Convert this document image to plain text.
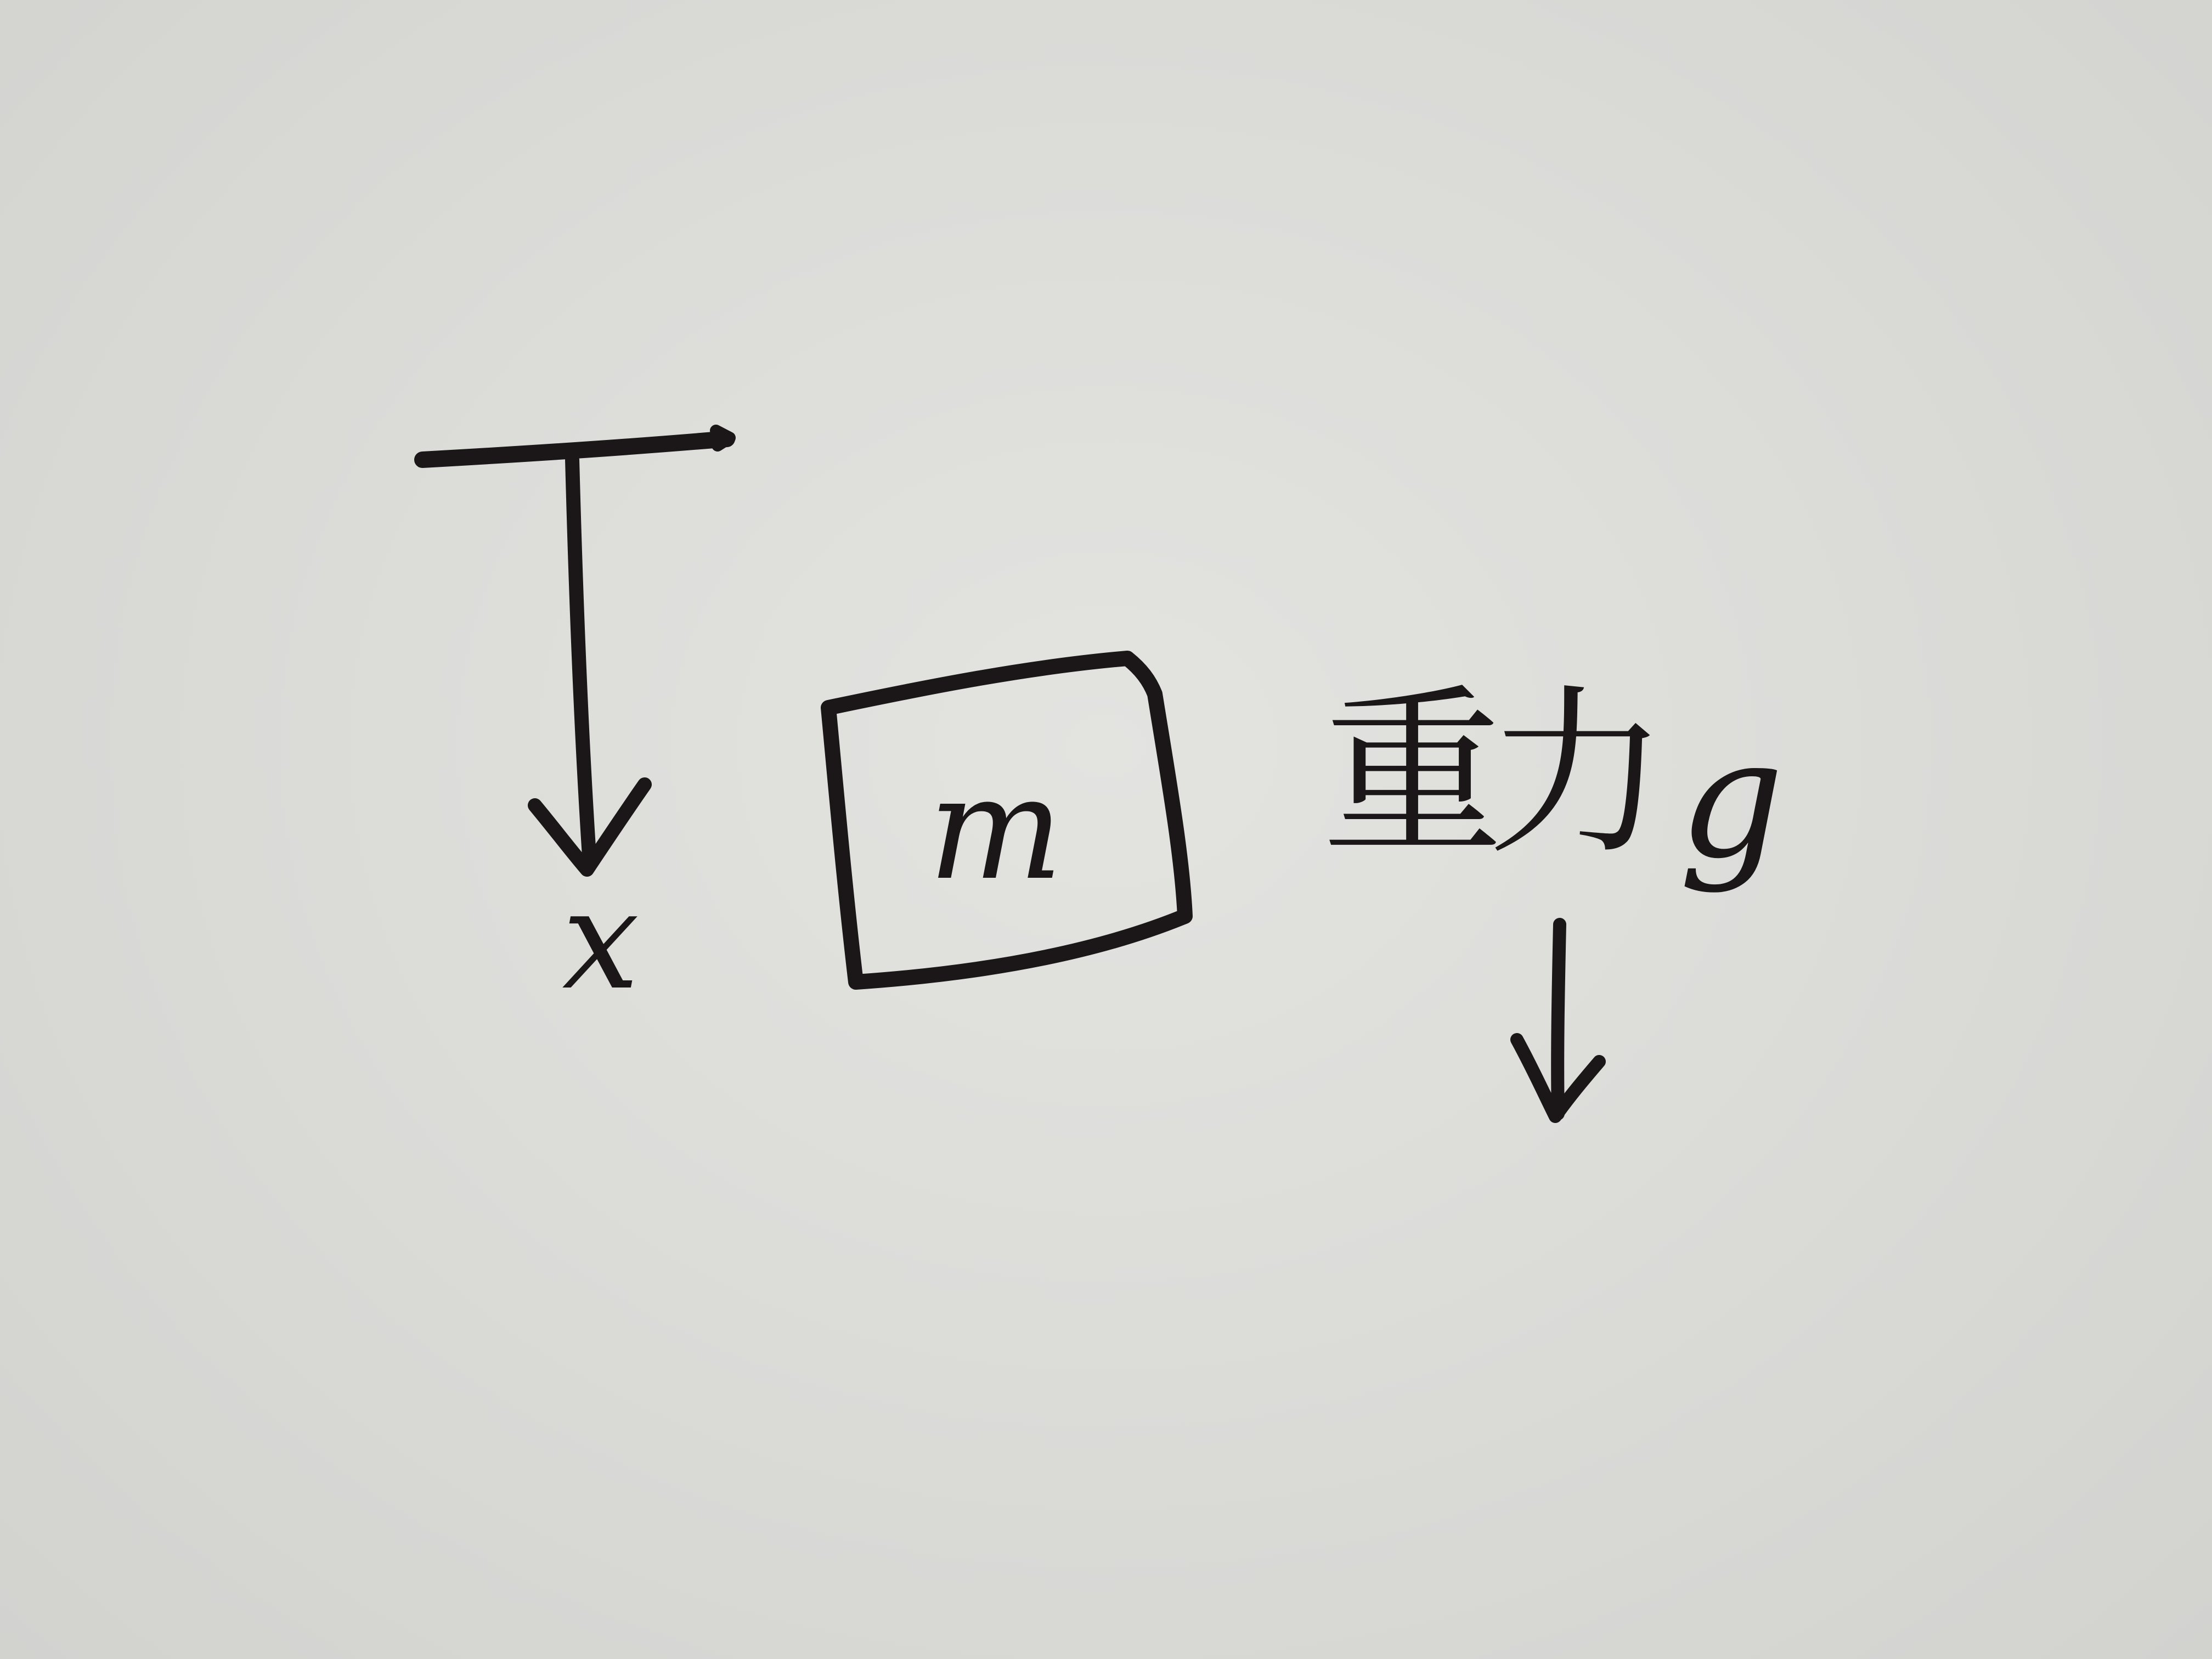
x
m 重力 g
